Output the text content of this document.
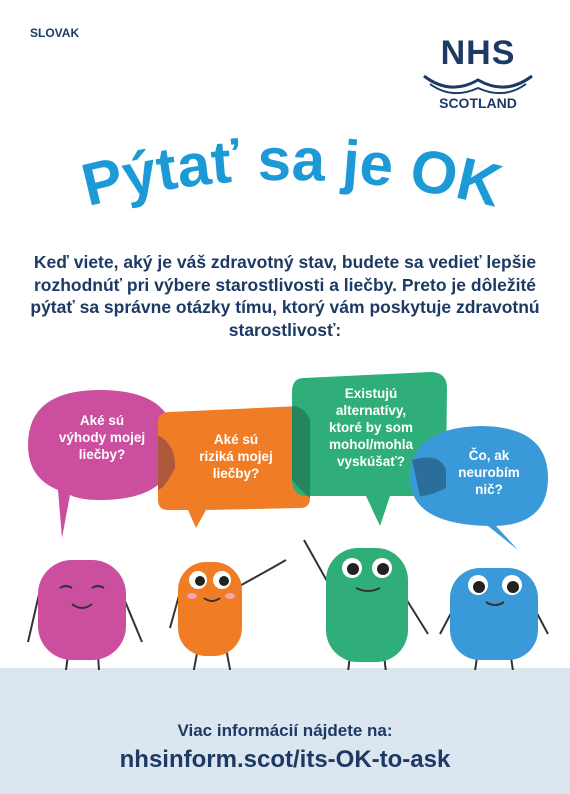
SLOVAK
NHS
SCOTLAND
Pýtať sa je OK
Keď viete, aký je váš zdravotný stav, budete sa vedieť lepšie rozhodnúť pri výbere starostlivosti a liečby. Preto je dôležité pýtať sa správne otázky tímu, ktorý vám poskytuje zdravotnú starostlivosť:
Aké sú
výhody mojej
liečby?
Aké sú
riziká mojej
liečby?
Existujú
alternatívy,
ktoré by som
mohol/mohla
vyskúšať?	Čo, ak
neurobím
nič?
Viac informácií nájdete na:
nhsinform.scot/its-OK-to-ask
